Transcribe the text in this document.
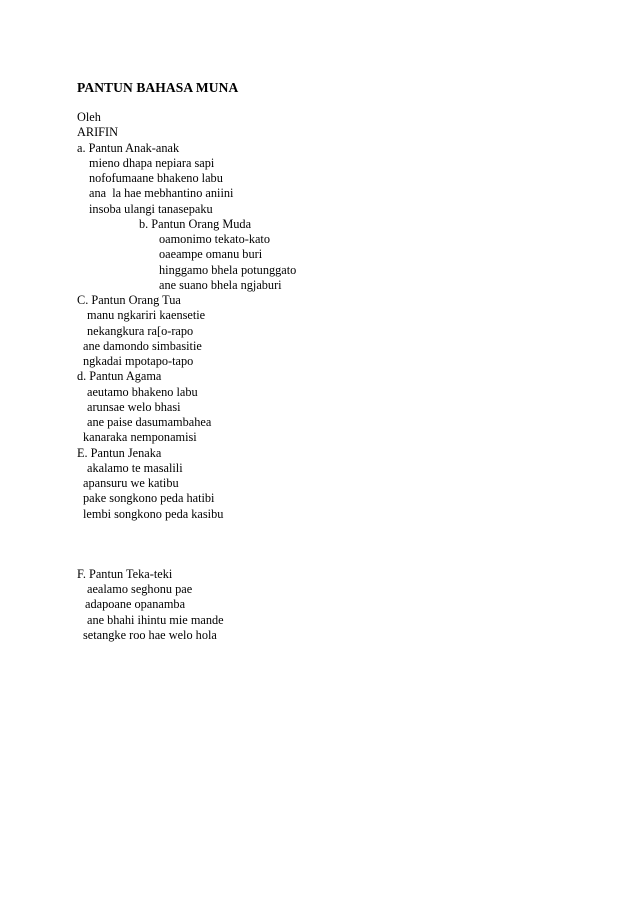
PANTUN BAHASA MUNA
Oleh
ARIFIN
a. Pantun Anak-anak
mieno dhapa nepiara sapi
nofofumaane bhakeno labu
ana  la hae mebhantino aniini
insoba ulangi tanasepaku
b. Pantun Orang Muda
oamonimo tekato-kato
oaeampe omanu buri
hinggamo bhela potunggato
ane suano bhela ngjaburi
C. Pantun Orang Tua
manu ngkariri kaensetie
nekangkura ra[o-rapo
ane damondo simbasitie
ngkadai mpotapo-tapo
d. Pantun Agama
aeutamo bhakeno labu
arunsae welo bhasi
ane paise dasumambahea
kanaraka nemponamisi
E. Pantun Jenaka
akalamo te masalili
apansuru we katibu
pake songkono peda hatibi
lembi songkono peda kasibu
F. Pantun Teka-teki
aealamo seghonu pae
adapoane opanamba
ane bhahi ihintu mie mande
setangke roo hae welo hola
